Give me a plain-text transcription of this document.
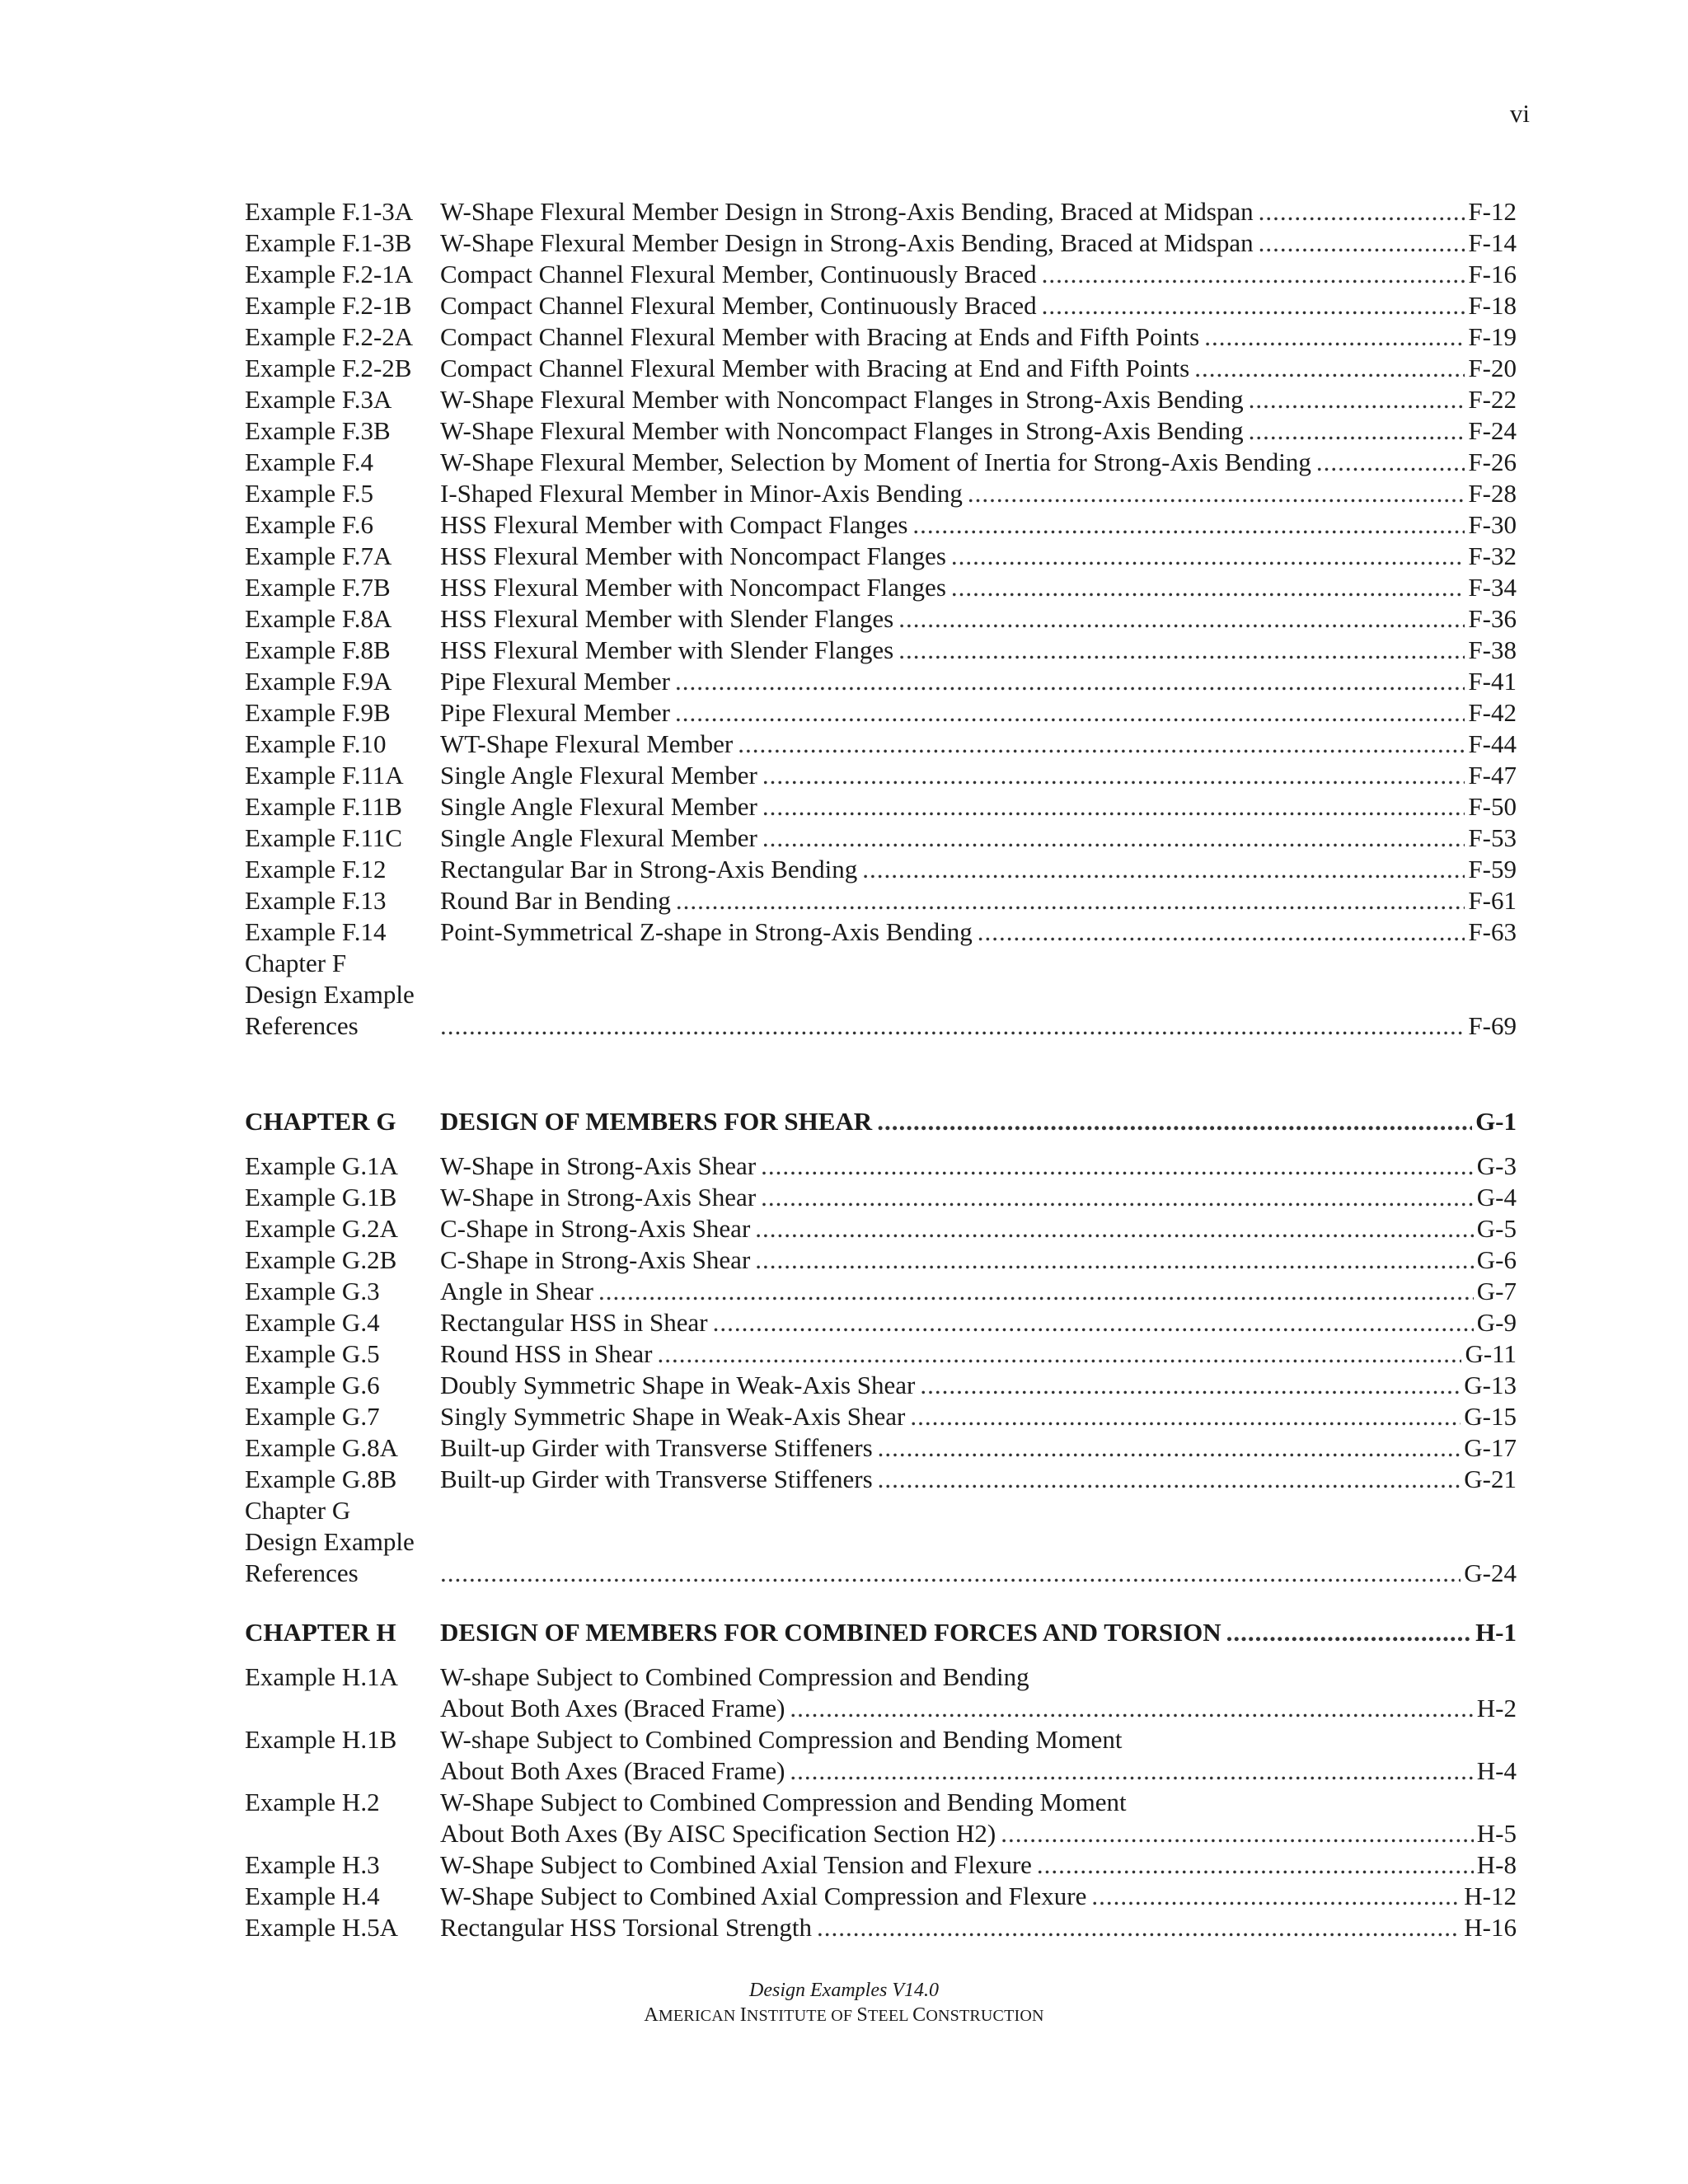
vi
Example F.1-3A	W-Shape Flexural Member Design in Strong-Axis Bending, Braced at Midspan .....	F-12
Example F.1-3B	W-Shape Flexural Member Design in Strong-Axis Bending, Braced at Midspan .....	F-14
Example F.2-1A	Compact Channel Flexural Member, Continuously Braced .....	F-16
Example F.2-1B	Compact Channel Flexural Member, Continuously Braced .....	F-18
Example F.2-2A	Compact Channel Flexural Member with Bracing at Ends and Fifth Points .....	F-19
Example F.2-2B	Compact Channel Flexural Member with Bracing at End and Fifth Points .....	F-20
Example F.3A	W-Shape Flexural Member with Noncompact Flanges in Strong-Axis Bending .....	F-22
Example F.3B	W-Shape Flexural Member with Noncompact Flanges in Strong-Axis Bending .....	F-24
Example F.4	W-Shape Flexural Member, Selection by Moment of Inertia for Strong-Axis Bending .....	F-26
Example F.5	I-Shaped Flexural Member in Minor-Axis Bending .....	F-28
Example F.6	HSS Flexural Member with Compact Flanges .....	F-30
Example F.7A	HSS Flexural Member with Noncompact Flanges .....	F-32
Example F.7B	HSS Flexural Member with Noncompact Flanges .....	F-34
Example F.8A	HSS Flexural Member with Slender Flanges .....	F-36
Example F.8B	HSS Flexural Member with Slender Flanges .....	F-38
Example F.9A	Pipe Flexural Member .....	F-41
Example F.9B	Pipe Flexural Member .....	F-42
Example F.10	WT-Shape Flexural Member .....	F-44
Example F.11A	Single Angle Flexural Member .....	F-47
Example F.11B	Single Angle Flexural Member .....	F-50
Example F.11C	Single Angle Flexural Member .....	F-53
Example F.12	Rectangular Bar in Strong-Axis Bending .....	F-59
Example F.13	Round Bar in Bending .....	F-61
Example F.14	Point-Symmetrical Z-shape in Strong-Axis Bending .....	F-63
Chapter F
Design Example
References .....	F-69
CHAPTER G	DESIGN OF MEMBERS FOR SHEAR .....	G-1
Example G.1A	W-Shape in Strong-Axis Shear .....	G-3
Example G.1B	W-Shape in Strong-Axis Shear .....	G-4
Example G.2A	C-Shape in Strong-Axis Shear .....	G-5
Example G.2B	C-Shape in Strong-Axis Shear .....	G-6
Example G.3	Angle in Shear .....	G-7
Example G.4	Rectangular HSS in Shear .....	G-9
Example G.5	Round HSS in Shear .....	G-11
Example G.6	Doubly Symmetric Shape in Weak-Axis Shear .....	G-13
Example G.7	Singly Symmetric Shape in Weak-Axis Shear .....	G-15
Example G.8A	Built-up Girder with Transverse Stiffeners .....	G-17
Example G.8B	Built-up Girder with Transverse Stiffeners .....	G-21
Chapter G
Design Example
References .....	G-24
CHAPTER H	DESIGN OF MEMBERS FOR COMBINED FORCES AND TORSION .....	H-1
Example H.1A	W-shape Subject to Combined Compression and Bending
About Both Axes (Braced Frame) .....	H-2
Example H.1B	W-shape Subject to Combined Compression and Bending Moment
About Both Axes (Braced Frame) .....	H-4
Example H.2	W-Shape Subject to Combined Compression and Bending Moment
About Both Axes (By AISC Specification Section H2) .....	H-5
Example H.3	W-Shape Subject to Combined Axial Tension and Flexure .....	H-8
Example H.4	W-Shape Subject to Combined Axial Compression and Flexure .....	H-12
Example H.5A	Rectangular HSS Torsional Strength .....	H-16
Design Examples V14.0
AMERICAN INSTITUTE OF STEEL CONSTRUCTION
